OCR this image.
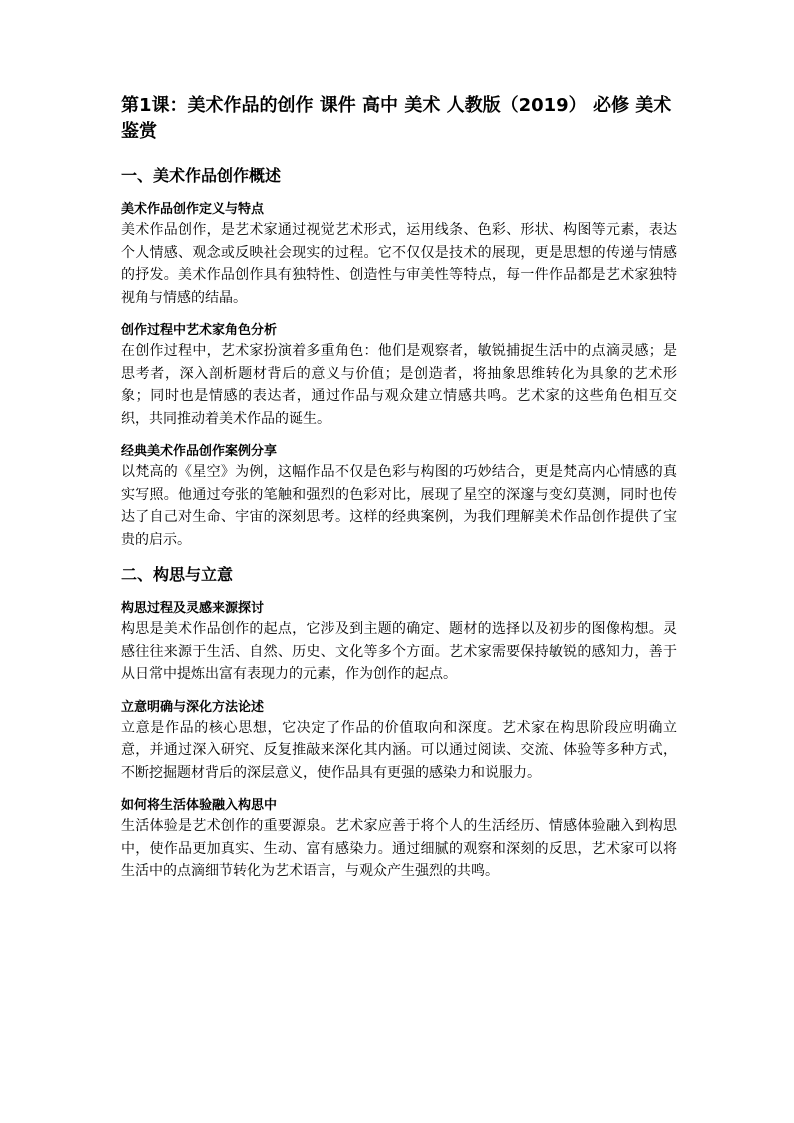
第1课：美术作品的创作 课件 高中 美术 人教版（2019） 必修 美术鉴赏
一、美术作品创作概述
美术作品创作定义与特点

美术作品创作，是艺术家通过视觉艺术形式，运用线条、色彩、形状、构图等元素，表达个人情感、观念或反映社会现实的过程。它不仅仅是技术的展现，更是思想的传递与情感的抒发。美术作品创作具有独特性、创造性与审美性等特点，每一件作品都是艺术家独特视角与情感的结晶。

创作过程中艺术家角色分析

在创作过程中，艺术家扮演着多重角色：他们是观察者，敏锐捕捉生活中的点滴灵感；是思考者，深入剖析题材背后的意义与价值；是创造者，将抽象思维转化为具象的艺术形象；同时也是情感的表达者，通过作品与观众建立情感共鸣。艺术家的这些角色相互交织，共同推动着美术作品的诞生。

经典美术作品创作案例分享

以梵高的《星空》为例，这幅作品不仅是色彩与构图的巧妙结合，更是梵高内心情感的真实写照。他通过夸张的笔触和强烈的色彩对比，展现了星空的深邃与变幻莫测，同时也传达了自己对生命、宇宙的深刻思考。这样的经典案例，为我们理解美术作品创作提供了宝贵的启示。

二、构思与立意
构思过程及灵感来源探讨

构思是美术作品创作的起点，它涉及到主题的确定、题材的选择以及初步的图像构想。灵感往往来源于生活、自然、历史、文化等多个方面。艺术家需要保持敏锐的感知力，善于从日常中提炼出富有表现力的元素，作为创作的起点。

立意明确与深化方法论述

立意是作品的核心思想，它决定了作品的价值取向和深度。艺术家在构思阶段应明确立意，并通过深入研究、反复推敲来深化其内涵。可以通过阅读、交流、体验等多种方式，不断挖掘题材背后的深层意义，使作品具有更强的感染力和说服力。

如何将生活体验融入构思中

生活体验是艺术创作的重要源泉。艺术家应善于将个人的生活经历、情感体验融入到构思中，使作品更加真实、生动、富有感染力。通过细腻的观察和深刻的反思，艺术家可以将生活中的点滴细节转化为艺术语言，与观众产生强烈的共鸣。
